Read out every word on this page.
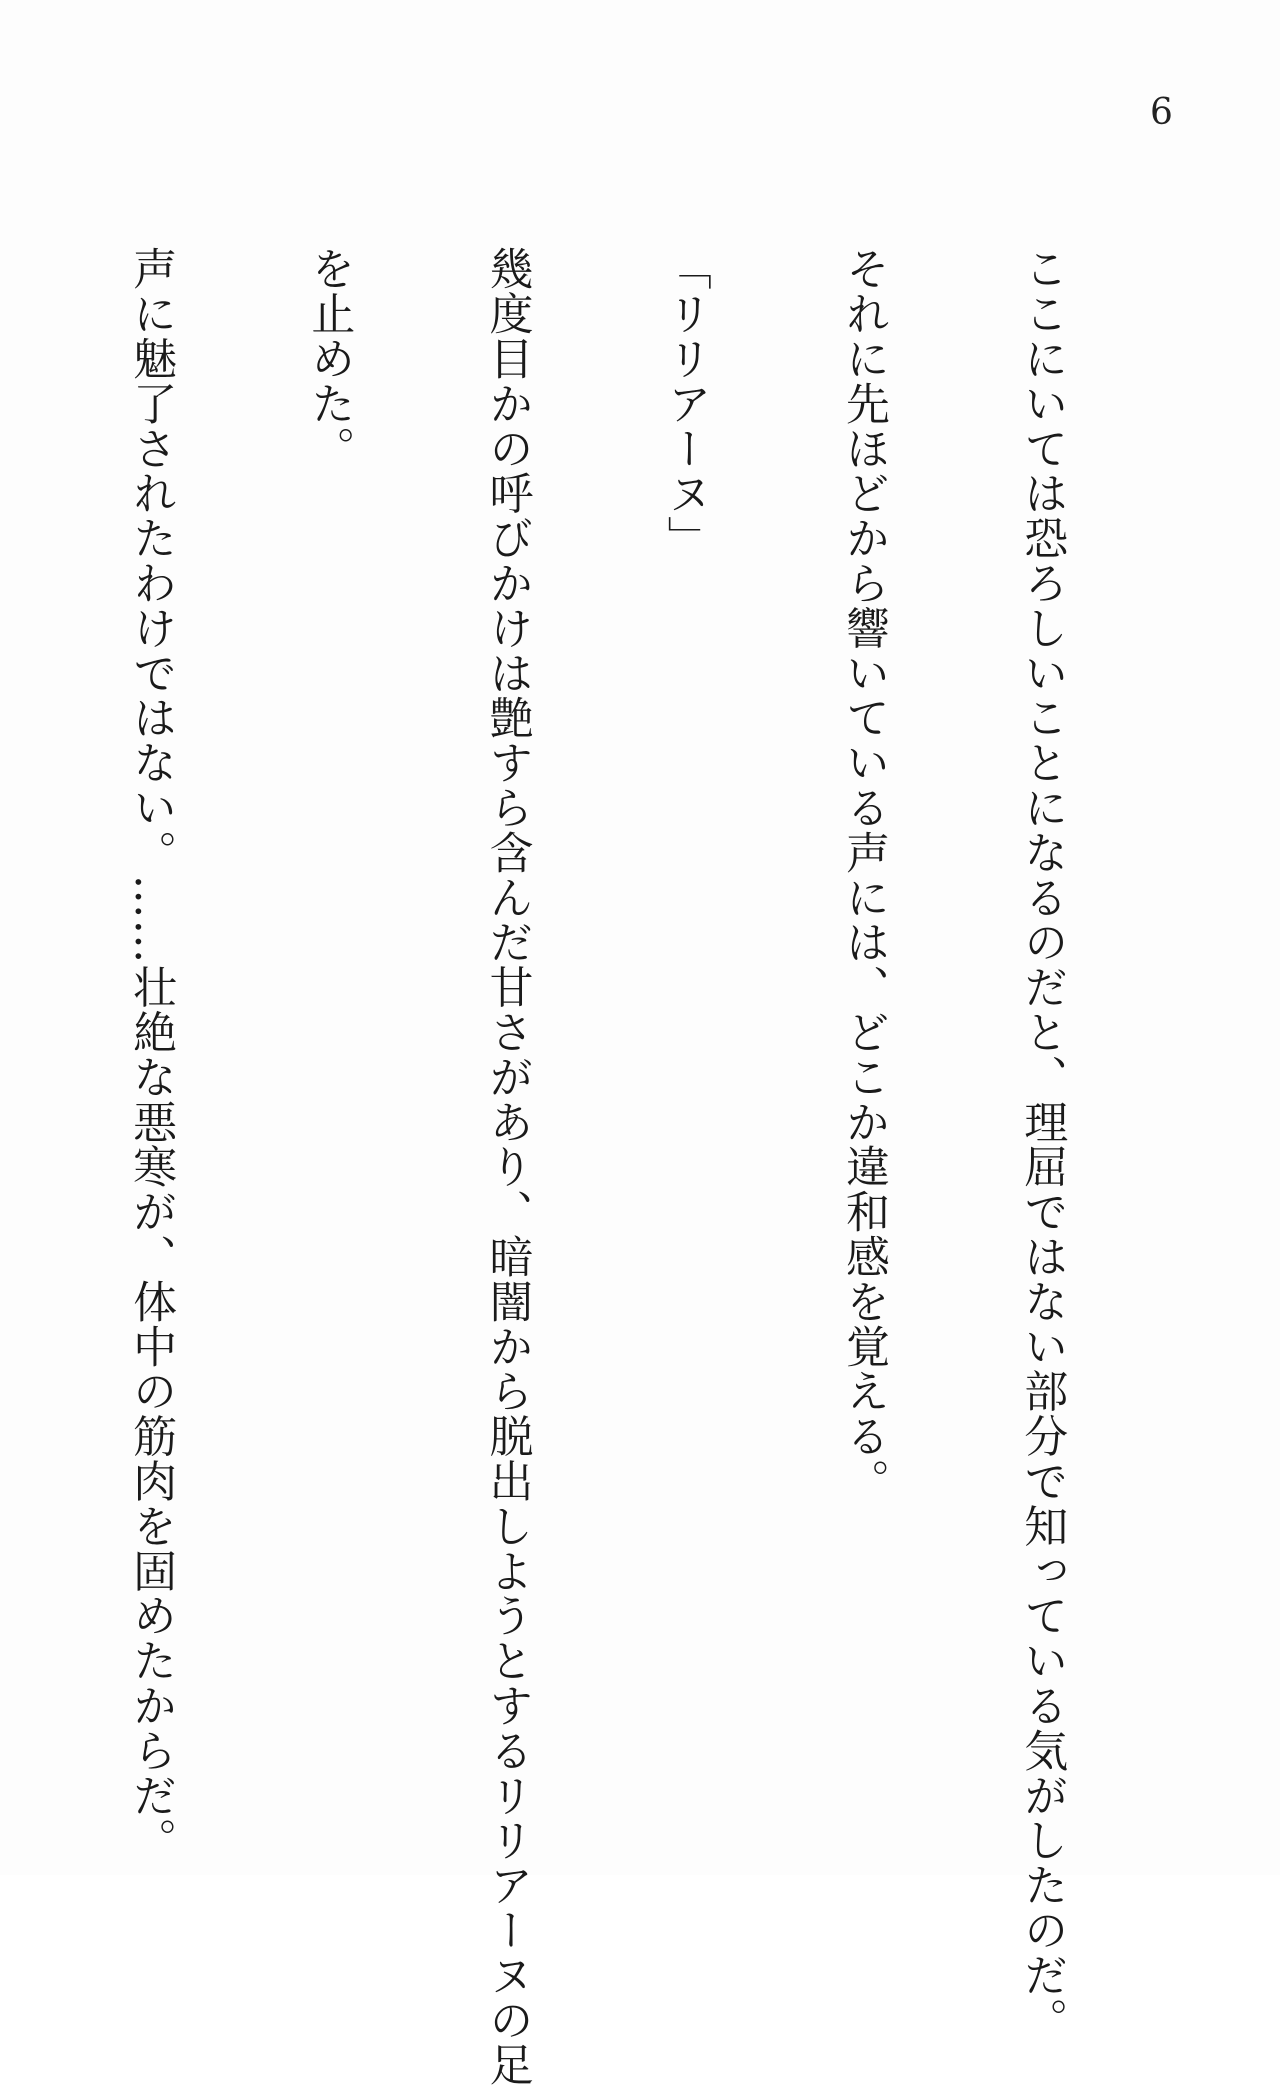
6

ここにいては恐ろしいことになるのだと、理屈ではない部分で知っている気がしたのだ。

それに先ほどから響いている声には、どこか違和感を覚える。

「リリアーヌ」

幾度目かの呼びかけは艶すら含んだ甘さがあり、暗闇から脱出しようとするリリアーヌの足

を止めた。

声に魅了されたわけではない。……壮絶な悪寒が、体中の筋肉を固めたからだ。
